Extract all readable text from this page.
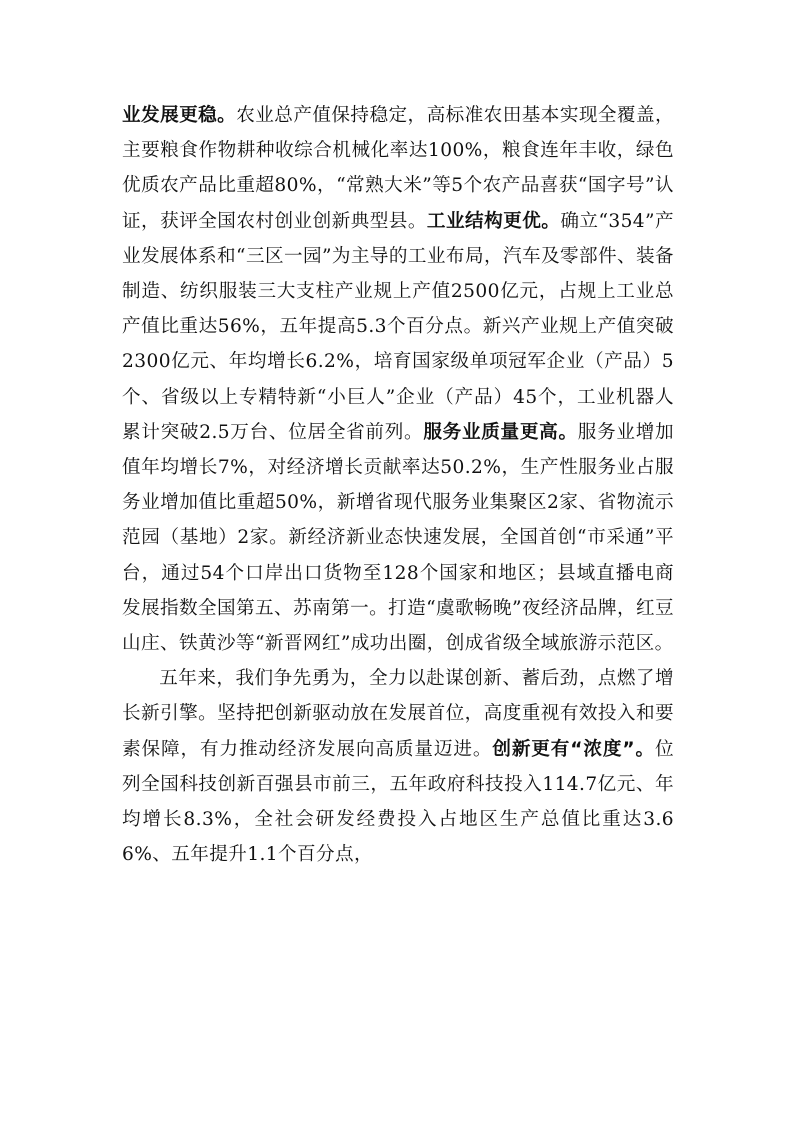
业发展更稳。农业总产值保持稳定，高标准农田基本实现全覆盖，主要粮食作物耕种收综合机械化率达100%，粮食连年丰收，绿色优质农产品比重超80%，“常熟大米”等5个农产品喜获“国字号”认证，获评全国农村创业创新典型县。工业结构更优。确立“354”产业发展体系和“三区一园”为主导的工业布局，汽车及零部件、装备制造、纺织服装三大支柱产业规上产值2500亿元，占规上工业总产值比重达56%，五年提高5.3个百分点。新兴产业规上产值突破2300亿元、年均增长6.2%，培育国家级单项冠军企业（产品）5个、省级以上专精特新“小巨人”企业（产品）45个，工业机器人累计突破2.5万台、位居全省前列。服务业质量更高。服务业增加值年均增长7%，对经济增长贡献率达50.2%，生产性服务业占服务业增加值比重超50%，新增省现代服务业集聚区2家、省物流示范园（基地）2家。新经济新业态快速发展，全国首创“市采通”平台，通过54个口岸出口货物至128个国家和地区；县域直播电商发展指数全国第五、苏南第一。打造“虞歌畅晚”夜经济品牌，红豆山庄、铁黄沙等“新晋网红”成功出圈，创成省级全域旅游示范区。

五年来，我们争先勇为，全力以赴谋创新、蓄后劲，点燃了增长新引擎。坚持把创新驱动放在发展首位，高度重视有效投入和要素保障，有力推动经济发展向高质量迈进。创新更有“浓度”。位列全国科技创新百强县市前三，五年政府科技投入114.7亿元、年均增长8.3%，全社会研发经费投入占地区生产总值比重达3.66%、五年提升1.1个百分点，
